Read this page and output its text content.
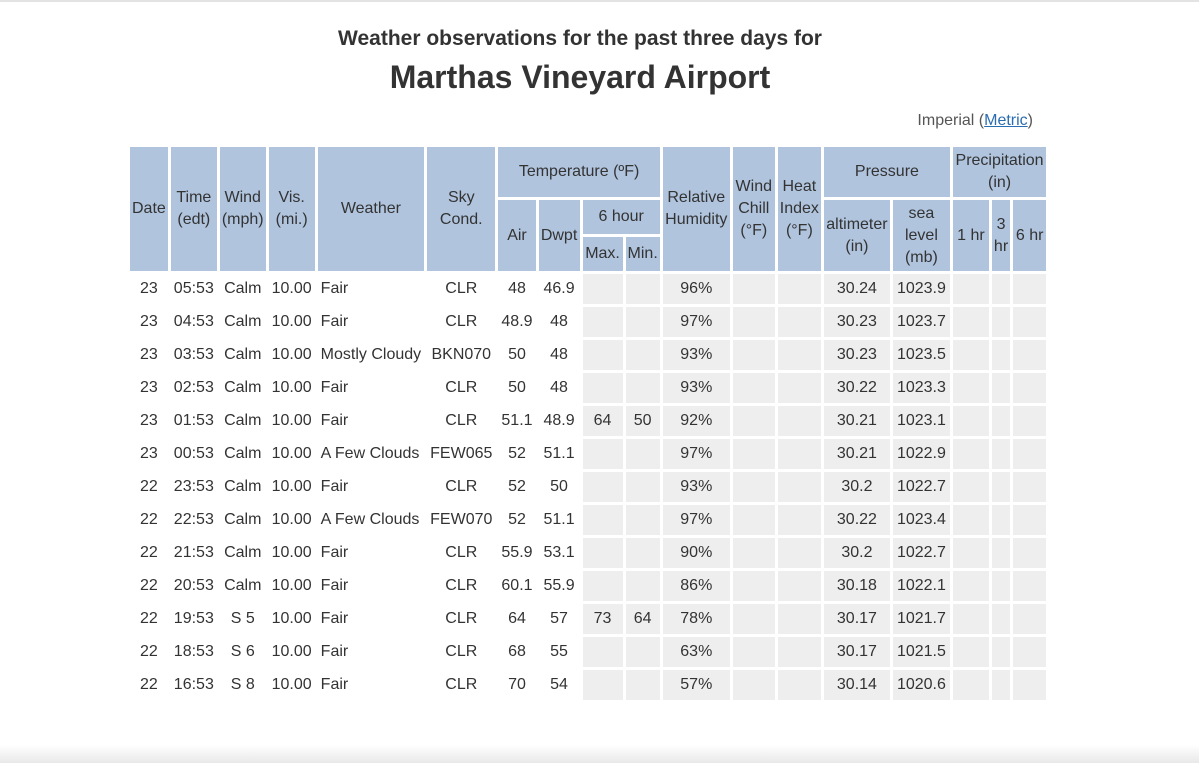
Weather observations for the past three days for
Marthas Vineyard Airport
Imperial (Metric)
Date	Time (edt)	Wind (mph)	Vis. (mi.)	Weather	Sky Cond.	Temperature (ºF)				Relative Humidity	Wind Chill (°F)	Heat Index (°F)	Pressure		Precipitation (in)		
						Air	Dwpt	6 hour					altimeter (in)	sea level (mb)	1 hr	3 hr	6 hr
								Max.	Min.								
23	05:53	Calm	10.00	Fair	CLR	48	46.9			96%			30.24	1023.9			
23	04:53	Calm	10.00	Fair	CLR	48.9	48			97%			30.23	1023.7			
23	03:53	Calm	10.00	Mostly Cloudy	BKN070	50	48			93%			30.23	1023.5			
23	02:53	Calm	10.00	Fair	CLR	50	48			93%			30.22	1023.3			
23	01:53	Calm	10.00	Fair	CLR	51.1	48.9	64	50	92%			30.21	1023.1			
23	00:53	Calm	10.00	A Few Clouds	FEW065	52	51.1			97%			30.21	1022.9			
22	23:53	Calm	10.00	Fair	CLR	52	50			93%			30.2	1022.7			
22	22:53	Calm	10.00	A Few Clouds	FEW070	52	51.1			97%			30.22	1023.4			
22	21:53	Calm	10.00	Fair	CLR	55.9	53.1			90%			30.2	1022.7			
22	20:53	Calm	10.00	Fair	CLR	60.1	55.9			86%			30.18	1022.1			
22	19:53	S 5	10.00	Fair	CLR	64	57	73	64	78%			30.17	1021.7			
22	18:53	S 6	10.00	Fair	CLR	68	55			63%			30.17	1021.5			
22	16:53	S 8	10.00	Fair	CLR	70	54			57%			30.14	1020.6			
